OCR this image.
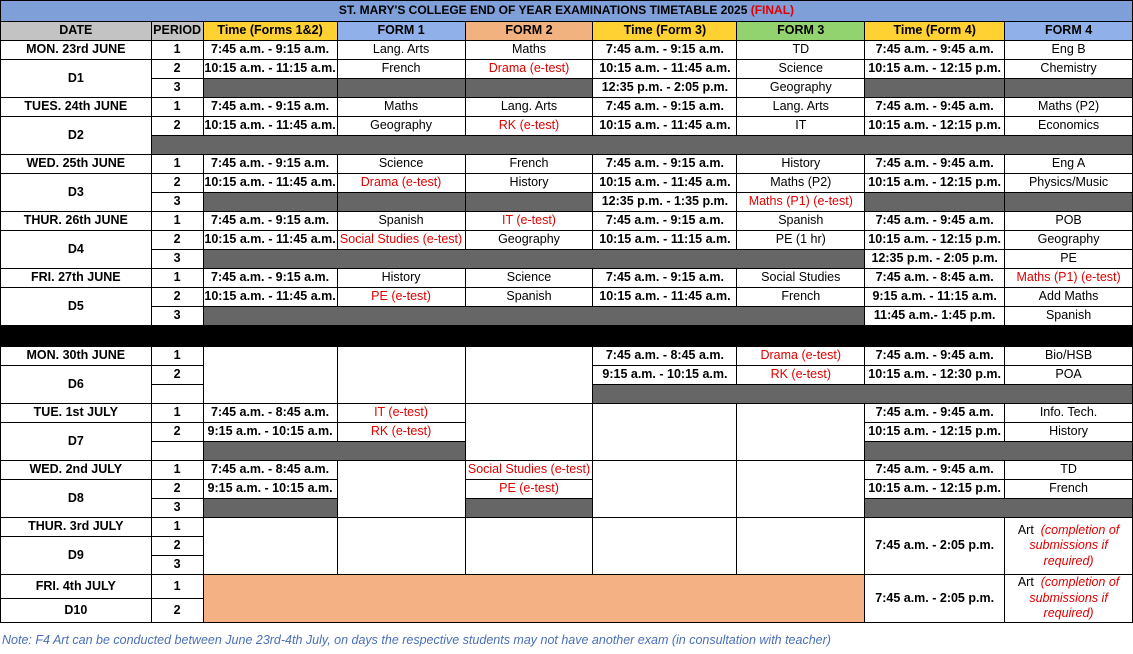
ST. MARY'S COLLEGE END OF YEAR EXAMINATIONS TIMETABLE 2025 (FINAL)								
DATE	PERIOD	Time (Forms 1&2)	FORM 1	FORM 2	Time (Form 3)	FORM 3	Time (Form 4)	FORM 4
MON. 23rd JUNE	1	7:45 a.m. - 9:15 a.m.	Lang. Arts	Maths	7:45 a.m. - 9:15 a.m.	TD	7:45 a.m. - 9:45 a.m.	Eng B
D1	2	10:15 a.m. - 11:15 a.m.	French	Drama (e-test)	10:15 a.m. - 11:45 a.m.	Science	10:15 a.m. - 12:15 p.m.	Chemistry
	3				12:35 p.m. - 2:05 p.m.	Geography		
TUES. 24th JUNE	1	7:45 a.m. - 9:15 a.m.	Maths	Lang. Arts	7:45 a.m. - 9:15 a.m.	Lang. Arts	7:45 a.m. - 9:45 a.m.	Maths (P2)
D2	2	10:15 a.m. - 11:45 a.m.	Geography	RK (e-test)	10:15 a.m. - 11:45 a.m.	IT	10:15 a.m. - 12:15 p.m.	Economics

WED. 25th JUNE	1	7:45 a.m. - 9:15 a.m.	Science	French	7:45 a.m. - 9:15 a.m.	History	7:45 a.m. - 9:45 a.m.	Eng A
D3	2	10:15 a.m. - 11:45 a.m.	Drama (e-test)	History	10:15 a.m. - 11:45 a.m.	Maths (P2)	10:15 a.m. - 12:15 p.m.	Physics/Music
	3				12:35 p.m. - 1:35 p.m.	Maths (P1) (e-test)		
THUR. 26th JUNE	1	7:45 a.m. - 9:15 a.m.	Spanish	IT (e-test)	7:45 a.m. - 9:15 a.m.	Spanish	7:45 a.m. - 9:45 a.m.	POB
D4	2	10:15 a.m. - 11:45 a.m.	Social Studies (e-test)	Geography	10:15 a.m. - 11:15 a.m.	PE (1 hr)	10:15 a.m. - 12:15 p.m.	Geography
	3						12:35 p.m. - 2:05 p.m.	PE
FRI. 27th JUNE	1	7:45 a.m. - 9:15 a.m.	History	Science	7:45 a.m. - 9:15 a.m.	Social Studies	7:45 a.m. - 8:45 a.m.	Maths (P1) (e-test)
D5	2	10:15 a.m. - 11:45 a.m.	PE (e-test)	Spanish	10:15 a.m. - 11:45 a.m.	French	9:15 a.m. - 11:15 a.m.	Add Maths
	3						11:45 a.m.- 1:45 p.m.	Spanish

MON. 30th JUNE	1				7:45 a.m. - 8:45 a.m.	Drama (e-test)	7:45 a.m. - 9:45 a.m.	Bio/HSB
D6	2				9:15 a.m. - 10:15 a.m.	RK (e-test)	10:15 a.m. - 12:30 p.m.	POA

TUE. 1st JULY	1	7:45 a.m. - 8:45 a.m.	IT (e-test)				7:45 a.m. - 9:45 a.m.	Info. Tech.
D7	2	9:15 a.m. - 10:15 a.m.	RK (e-test)				10:15 a.m. - 12:15 p.m.	History

WED. 2nd JULY	1	7:45 a.m. - 8:45 a.m.		Social Studies (e-test)			7:45 a.m. - 9:45 a.m.	TD
D8	2	9:15 a.m. - 10:15 a.m.		PE (e-test)			10:15 a.m. - 12:15 p.m.	French
	3							
THUR. 3rd JULY	1						7:45 a.m. - 2:05 p.m.	Art (completion of submissions if required)
D9	2							
	3							
FRI. 4th JULY	1						7:45 a.m. - 2:05 p.m.	Art (completion of submissions if required)
D10	2							
Note: F4 Art can be conducted between June 23rd-4th July, on days the respective students may not have another exam (in consultation with teacher)
